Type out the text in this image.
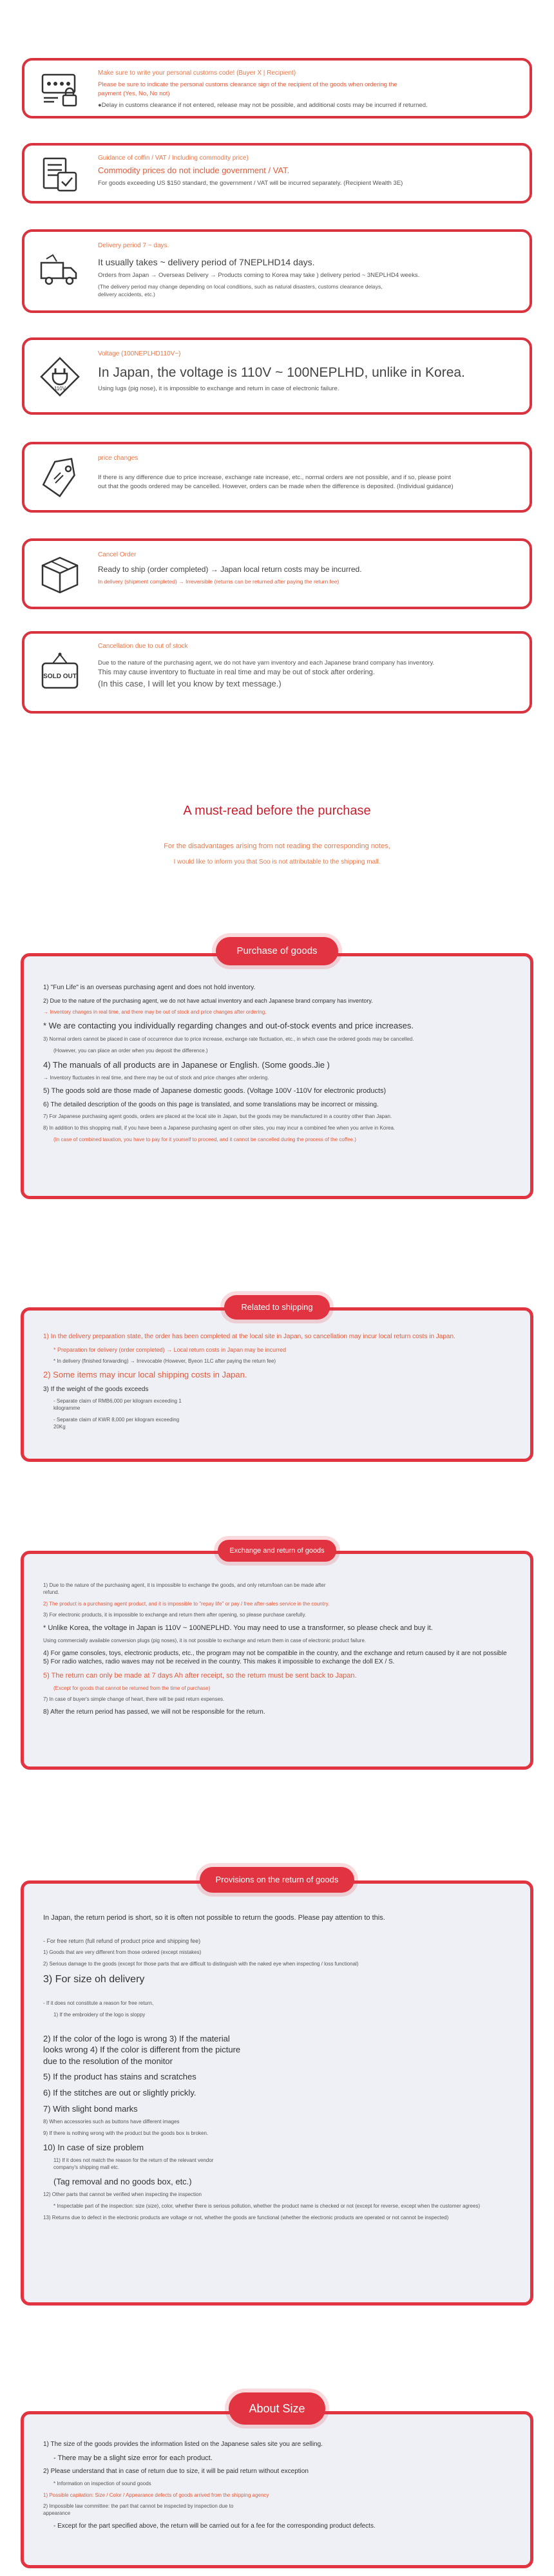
Make sure to write your personal customs code! (Buyer X | Recipient)
Please be sure to indicate the personal customs clearance sign of the recipient of the goods when ordering the
payment (Yes, No, No not)
●Delay in customs clearance if not entered, release may not be possible, and additional costs may be incurred if returned.
Guidance of coffin / VAT / Including commodity price)
Commodity prices do not include government / VAT.
For goods exceeding US $150 standard, the government / VAT will be incurred separately. (Recipient Wealth 3E)
Delivery period 7 ~ days.
It usually takes ~ delivery period of 7NEPLHD14 days.
Orders from Japan → Overseas Delivery → Products coming to Korea may take ) delivery period ~ 3NEPLHD4 weeks.
(The delivery period may change depending on local conditions, such as natural disasters, customs clearance delays,
delivery accidents, etc.)
110V
Voltage (100NEPLHD110V~)
In Japan, the voltage is 110V ~ 100NEPLHD, unlike in Korea.
Using lugs (pig nose), it is impossible to exchange and return in case of electronic failure.
price changes
If there is any difference due to price increase, exchange rate increase, etc., normal orders are not possible, and if so, please point
out that the goods ordered may be cancelled. However, orders can be made when the difference is deposited. (Individual guidance)
Cancel Order
Ready to ship (order completed) → Japan local return costs may be incurred.
In delivery (shipment completed) → Irreversible (returns can be returned after paying the return fee)
SOLD OUT
Cancellation due to out of stock
Due to the nature of the purchasing agent, we do not have yarn inventory and each Japanese brand company has inventory.
This may cause inventory to fluctuate in real time and may be out of stock after ordering.
(In this case, I will let you know by text message.)
A must-read before the purchase
For the disadvantages arising from not reading the corresponding notes,
I would like to inform you that Soo is not attributable to the shipping mall.
Purchase of goods
1) "Fun Life" is an overseas purchasing agent and does not hold inventory.
2) Due to the nature of the purchasing agent, we do not have actual inventory and each Japanese brand company has inventory.
→ Inventory changes in real time, and there may be out of stock and price changes after ordering.
* We are contacting you individually regarding changes and out-of-stock events and price increases.
3) Normal orders cannot be placed in case of occurrence due to price increase, exchange rate fluctuation, etc., in which case the ordered goods may be cancelled.
(However, you can place an order when you deposit the difference.)
4) The manuals of all products are in Japanese or English. (Some goods.Jie )
→ Inventory fluctuates in real time, and there may be out of stock and price changes after ordering.
5) The goods sold are those made of Japanese domestic goods. (Voltage 100V -110V for electronic products)
6) The detailed description of the goods on this page is translated, and some translations may be incorrect or missing.
7) For Japanese purchasing agent goods, orders are placed at the local site in Japan, but the goods may be manufactured in a country other than Japan.
8) In addition to this shopping mall, if you have been a Japanese purchasing agent on other sites, you may incur a combined fee when you arrive in Korea.
(In case of combined taxation, you have to pay for it yourself to proceed, and it cannot be cancelled during the process of the coffee.)
Related to shipping
1) In the delivery preparation state, the order has been completed at the local site in Japan, so cancellation may incur local return costs in Japan.
* Preparation for delivery (order completed) → Local return costs in Japan may be incurred
* In delivery (finished forwarding) → Irrevocable (However, Byeon 1LC after paying the return fee)
2) Some items may incur local shipping costs in Japan.
3) If the weight of the goods exceeds
- Separate claim of RMB6,000 per kilogram exceeding 1 kilogramme
- Separate claim of KWR 8,000 per kilogram exceeding 20Kg
Exchange and return of goods
1) Due to the nature of the purchasing agent, it is impossible to exchange the goods, and only return/loan can be made after refund.
2) The product is a purchasing agent product, and it is impossible to "repay life" or pay / free after-sales service in the country.
3) For electronic products, it is impossible to exchange and return them after opening, so please purchase carefully.
* Unlike Korea, the voltage in Japan is 110V ~ 100NEPLHD. You may need to use a transformer, so please check and buy it.
Using commercially available conversion plugs (pig noses), it is not possible to exchange and return them in case of electronic product failure.
4) For game consoles, toys, electronic products, etc., the program may not be compatible in the country, and the exchange and return caused by it are not possible 5) For radio watches, radio waves may not be received in the country. This makes it impossible to exchange the doll EX / S.
5) The return can only be made at 7 days Ah after receipt, so the return must be sent back to Japan.
(Except for goods that cannot be returned from the time of purchase)
7) In case of buyer's simple change of heart, there will be paid return expenses.
8) After the return period has passed, we will not be responsible for the return.
Provisions on the return of goods
In Japan, the return period is short, so it is often not possible to return the goods. Please pay attention to this.
- For free return (full refund of product price and shipping fee)
1) Goods that are very different from those ordered (except mistakes)
2) Serious damage to the goods (except for those parts that are difficult to distinguish with the naked eye when inspecting / loss functional)
3) For size oh delivery
- If it does not constitute a reason for free return,
1) If the embroidery of the logo is sloppy
2) If the color of the logo is wrong 3) If the material looks wrong 4) If the color is different from the picture due to the resolution of the monitor
5) If the product has stains and scratches
6) If the stitches are out or slightly prickly.
7) With slight bond marks
8) When accessories such as buttons have different images
9) If there is nothing wrong with the product but the goods box is broken.
10) In case of size problem
11) If it does not match the reason for the return of the relevant vendor company's shipping mall etc.
(Tag removal and no goods box, etc.)
12) Other parts that cannot be verified when inspecting the inspection
* Inspectable part of the inspection: size (size), color, whether there is serious pollution, whether the product name is checked or not (except for reverse, except when the customer agrees)
13) Returns due to defect in the electronic products are voltage or not, whether the goods are functional (whether the electronic products are operated or not cannot be inspected)
About Size
1) The size of the goods provides the information listed on the Japanese sales site you are selling.
- There may be a slight size error for each product.
2) Please understand that in case of return due to size, it will be paid return without exception
* Information on inspection of sound goods
1) Possible capitation: Size / Color / Appearance defects of goods arrived from the shipping agency
2) Impossible law committee: the part that cannot be inspected by inspection due to appearance
- Except for the part specified above, the return will be carried out for a fee for the corresponding product defects.
